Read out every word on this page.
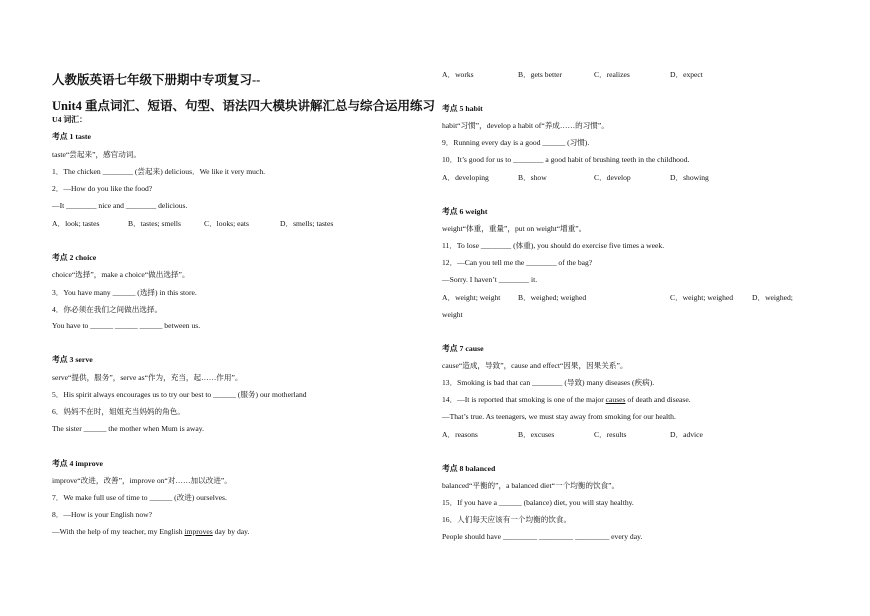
人教版英语七年级下册期中专项复习--
Unit4 重点词汇、短语、句型、语法四大模块讲解汇总与综合运用练习
U4 词汇：
考点 1 taste
taste“尝起来”，感官动词。
1．The chicken ________ (尝起来) delicious．We like it very much.
2．—How do you like the food?
—It ________ nice and ________ delicious.
A．look; tastes	B．tastes; smells	C．looks; eats	D．smells; tastes
考点 2 choice
choice“选择”，make a choice“做出选择”。
3．You have many ______ (选择) in this store.
4．你必须在我们之间做出选择。
You have to ______ ______ ______ between us.
考点 3 serve
serve“提供，服务”，serve as“作为，充当，起……作用”。
5．His spirit always encourages us to try our best to ______ (服务) our motherland
6．妈妈不在时，姐姐充当妈妈的角色。
The sister ______ the mother when Mum is away.
考点 4 improve
improve“改进，改善”，improve on“对……加以改进”。
7．We make full use of time to ______ (改进) ourselves.
8．—How is your English now?
—With the help of my teacher, my English improves day by day.
A．works	B．gets better	C．realizes	D．expect
考点 5 habit
habit“习惯”，develop a habit of“养成……的习惯”。
9．Running every day is a good ______ (习惯).
10．It’s good for us to ________ a good habit of brushing teeth in the childhood.
A．developing	B．show	C．develop	D．showing
考点 6 weight
weight“体重，重量”，put on weight“增重”。
11．To lose ________ (体重), you should do exercise five times a week.
12．—Can you tell me the ________ of the bag?
—Sorry. I haven’t ________ it.
A．weight; weight B．weighed; weighed	C．weight; weighed D．weighed;
weight
考点 7 cause
cause“造成，导致”，cause and effect“因果，因果关系”。
13．Smoking is bad that can ________ (导致) many diseases (疾病).
14．—It is reported that smoking is one of the major causes of death and disease.
—That’s true. As teenagers, we must stay away from smoking for our health.
A．reasons	B．excuses	C．results	D．advice
考点 8 balanced
balanced“平衡的”，a balanced diet“一个均衡的饮食”。
15．If you have a ______ (balance) diet, you will stay healthy.
16．人们每天应该有一个均衡的饮食。
People should have _________ _________ _________ every day.
